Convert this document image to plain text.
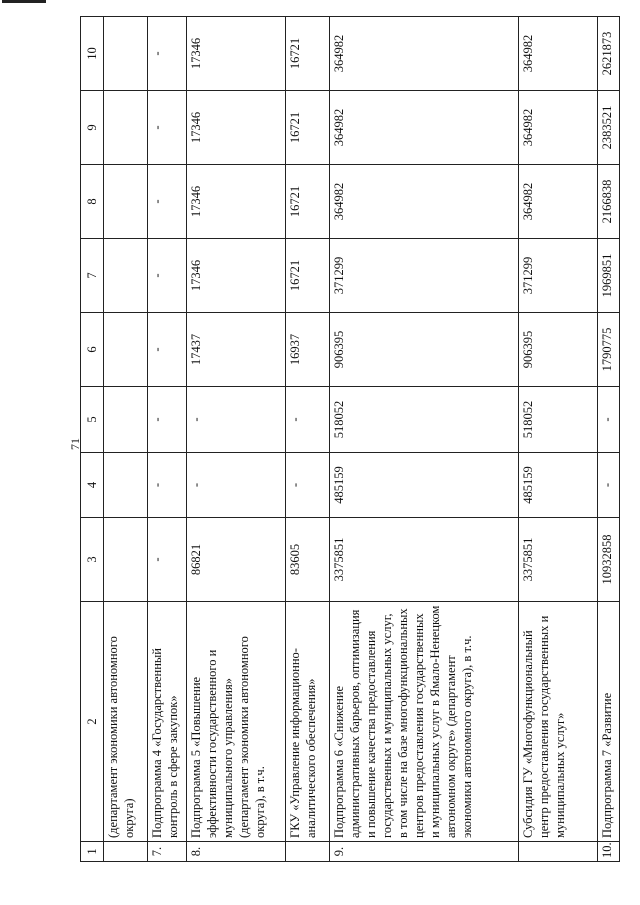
71
1	2	3	4	5	6	7	8	9	10
	(департамент экономики автономного округа)								
7.	Подпрограмма 4 «Государственный контроль в сфере закупок»	-	-	-	-	-	-	-	-
8.	Подпрограмма 5 «Повышение эффективности государственного и муниципального управления» (департамент экономики автономного округа), в т.ч.	86821	-	-	17437	17346	17346	17346	17346
	ГКУ «Управление информационно-аналитического обеспечения»	83605	-	-	16937	16721	16721	16721	16721
9.	Подпрограмма 6 «Снижение административных барьеров, оптимизация и повышение качества предоставления государственных и муниципальных услуг, в том числе на базе многофункциональных центров предоставления государственных и муниципальных услуг в Ямало-Ненецком автономном округе» (департамент экономики автономного округа), в т.ч.	3375851	485159	518052	906395	371299	364982	364982	364982
	Субсидия ГУ «Многофункциональный центр предоставления государственных и муниципальных услуг»	3375851	485159	518052	906395	371299	364982	364982	364982
10.	Подпрограмма 7 «Развитие	10932858	-	-	1790775	1969851	2166838	2383521	2621873
